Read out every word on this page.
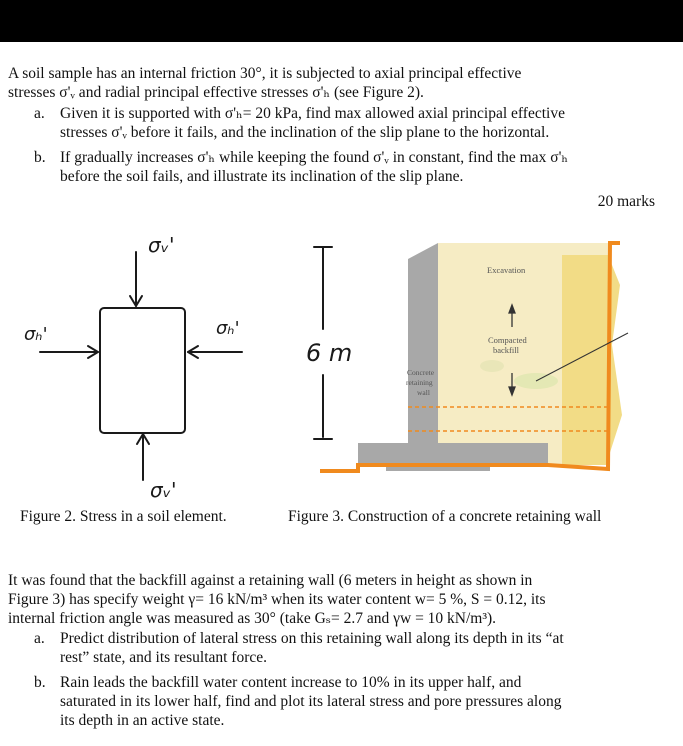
A soil sample has an internal friction 30°, it is subjected to axial principal effective
stresses σ'ᵥ and radial principal effective stresses σ'ₕ (see Figure 2).
a. Given it is supported with σ'ₕ= 20 kPa, find max allowed axial principal effective
stresses σ'ᵥ before it fails, and the inclination of the slip plane to the horizontal.
b. If gradually increases σ'ₕ while keeping the found σ'ᵥ in constant, find the max σ'ₕ
before the soil fails, and illustrate its inclination of the slip plane.
20 marks
σᵥ'
σᵥ'
σₕ'	σₕ'
6 m
Excavation
Compacted
backfill
Concrete
retaining
wall
Figure 2. Stress in a soil element.	Figure 3. Construction of a concrete retaining wall
It was found that the backfill against a retaining wall (6 meters in height as shown in
Figure 3) has specify weight γ= 16 kN/m³ when its water content w= 5 %, S = 0.12, its
internal friction angle was measured as 30° (take Gₛ= 2.7 and γw = 10 kN/m³).
a. Predict distribution of lateral stress on this retaining wall along its depth in its “at
rest” state, and its resultant force.
b. Rain leads the backfill water content increase to 10% in its upper half, and
saturated in its lower half, find and plot its lateral stress and pore pressures along
its depth in an active state.
